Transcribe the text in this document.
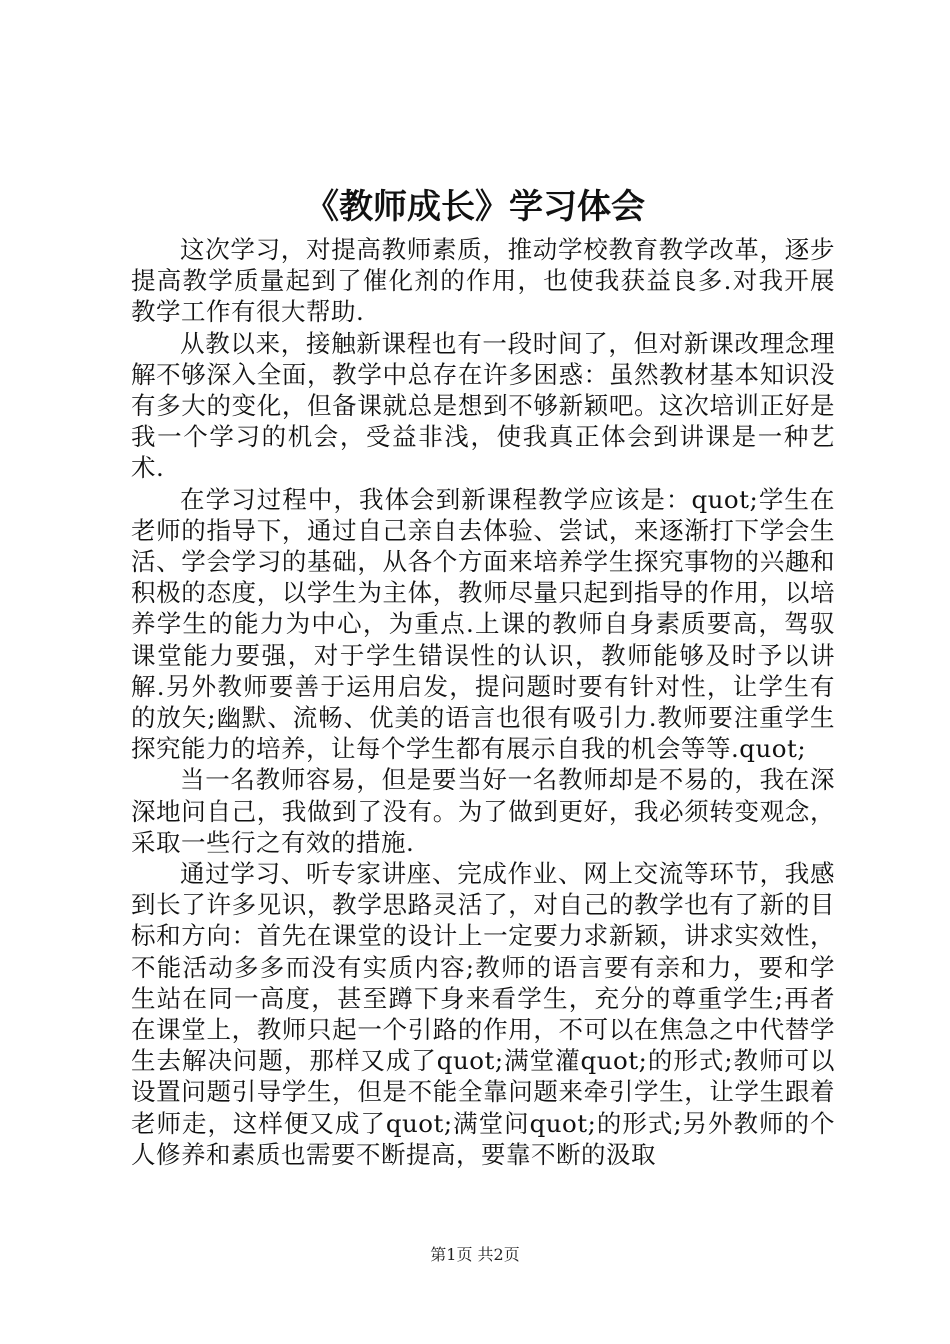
《教师成长》学习体会

这次学习，对提高教师素质，推动学校教育教学改革，逐步提高教学质量起到了催化剂的作用，也使我获益良多.对我开展教学工作有很大帮助.

从教以来，接触新课程也有一段时间了，但对新课改理念理解不够深入全面，教学中总存在许多困惑：虽然教材基本知识没有多大的变化，但备课就总是想到不够新颖吧。这次培训正好是我一个学习的机会，受益非浅，使我真正体会到讲课是一种艺术.

在学习过程中，我体会到新课程教学应该是：quot;学生在老师的指导下，通过自己亲自去体验、尝试，来逐渐打下学会生活、学会学习的基础，从各个方面来培养学生探究事物的兴趣和积极的态度，以学生为主体，教师尽量只起到指导的作用，以培养学生的能力为中心，为重点.上课的教师自身素质要高，驾驭课堂能力要强，对于学生错误性的认识，教师能够及时予以讲解.另外教师要善于运用启发，提问题时要有针对性，让学生有的放矢;幽默、流畅、优美的语言也很有吸引力.教师要注重学生探究能力的培养，让每个学生都有展示自我的机会等等.quot;

当一名教师容易，但是要当好一名教师却是不易的，我在深深地问自己，我做到了没有。为了做到更好，我必须转变观念，采取一些行之有效的措施.

通过学习、听专家讲座、完成作业、网上交流等环节，我感到长了许多见识，教学思路灵活了，对自己的教学也有了新的目标和方向：首先在课堂的设计上一定要力求新颖，讲求实效性，不能活动多多而没有实质内容;教师的语言要有亲和力，要和学生站在同一高度，甚至蹲下身来看学生，充分的尊重学生;再者在课堂上，教师只起一个引路的作用，不可以在焦急之中代替学生去解决问题，那样又成了quot;满堂灌quot;的形式;教师可以设置问题引导学生，但是不能全靠问题来牵引学生，让学生跟着老师走，这样便又成了quot;满堂问quot;的形式;另外教师的个人修养和素质也需要不断提高，要靠不断的汲取

第1页 共2页
